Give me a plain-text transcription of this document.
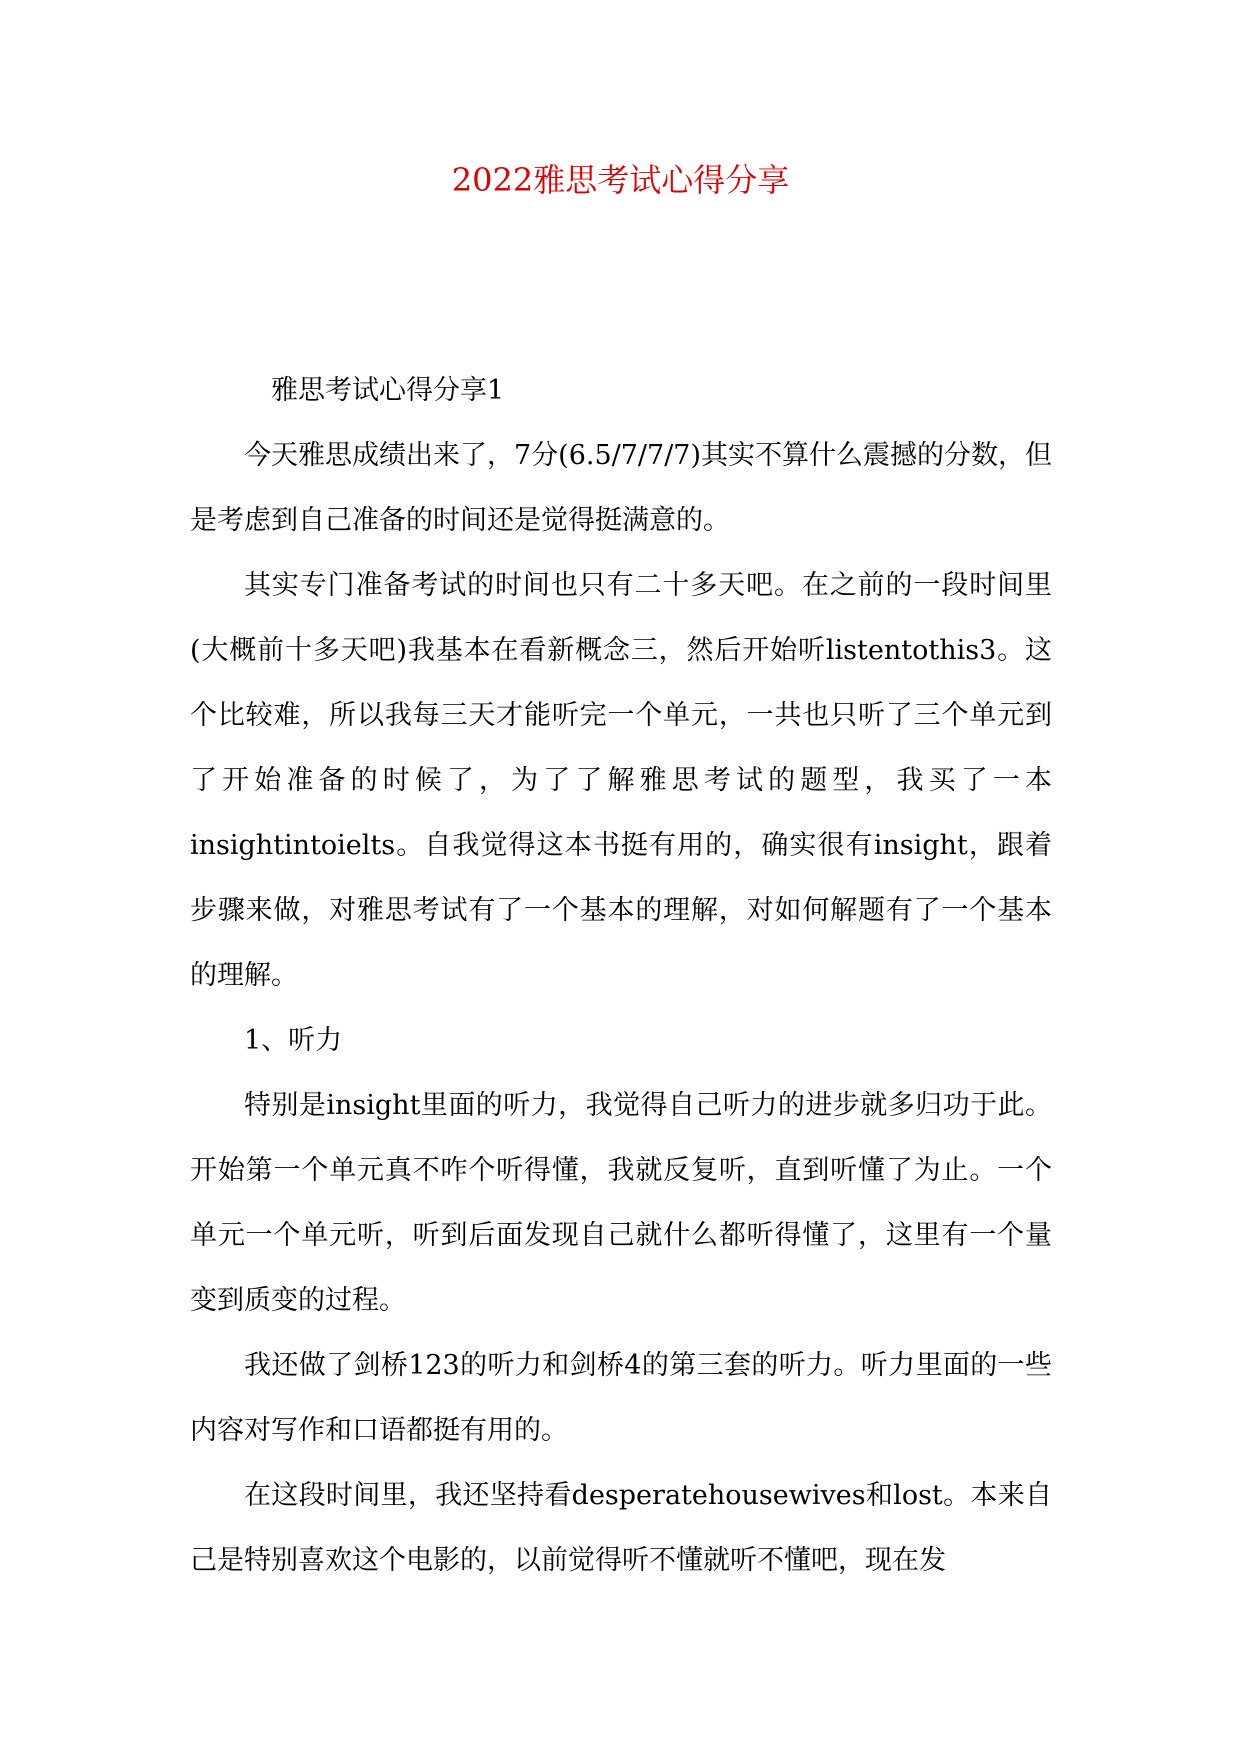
2022雅思考试心得分享

雅思考试心得分享1

今天雅思成绩出来了，7分(6.5/7/7/7)其实不算什么震撼的分数，但是考虑到自己准备的时间还是觉得挺满意的。

其实专门准备考试的时间也只有二十多天吧。在之前的一段时间里(大概前十多天吧)我基本在看新概念三，然后开始听listentothis3。这个比较难，所以我每三天才能听完一个单元，一共也只听了三个单元到了开始准备的时候了，为了了解雅思考试的题型，我买了一本insightintoielts。自我觉得这本书挺有用的，确实很有insight，跟着步骤来做，对雅思考试有了一个基本的理解，对如何解题有了一个基本的理解。

1、听力

特别是insight里面的听力，我觉得自己听力的进步就多归功于此。开始第一个单元真不咋个听得懂，我就反复听，直到听懂了为止。一个单元一个单元听，听到后面发现自己就什么都听得懂了，这里有一个量变到质变的过程。

我还做了剑桥123的听力和剑桥4的第三套的听力。听力里面的一些内容对写作和口语都挺有用的。

在这段时间里，我还坚持看desperatehousewives和lost。本来自己是特别喜欢这个电影的，以前觉得听不懂就听不懂吧，现在发
